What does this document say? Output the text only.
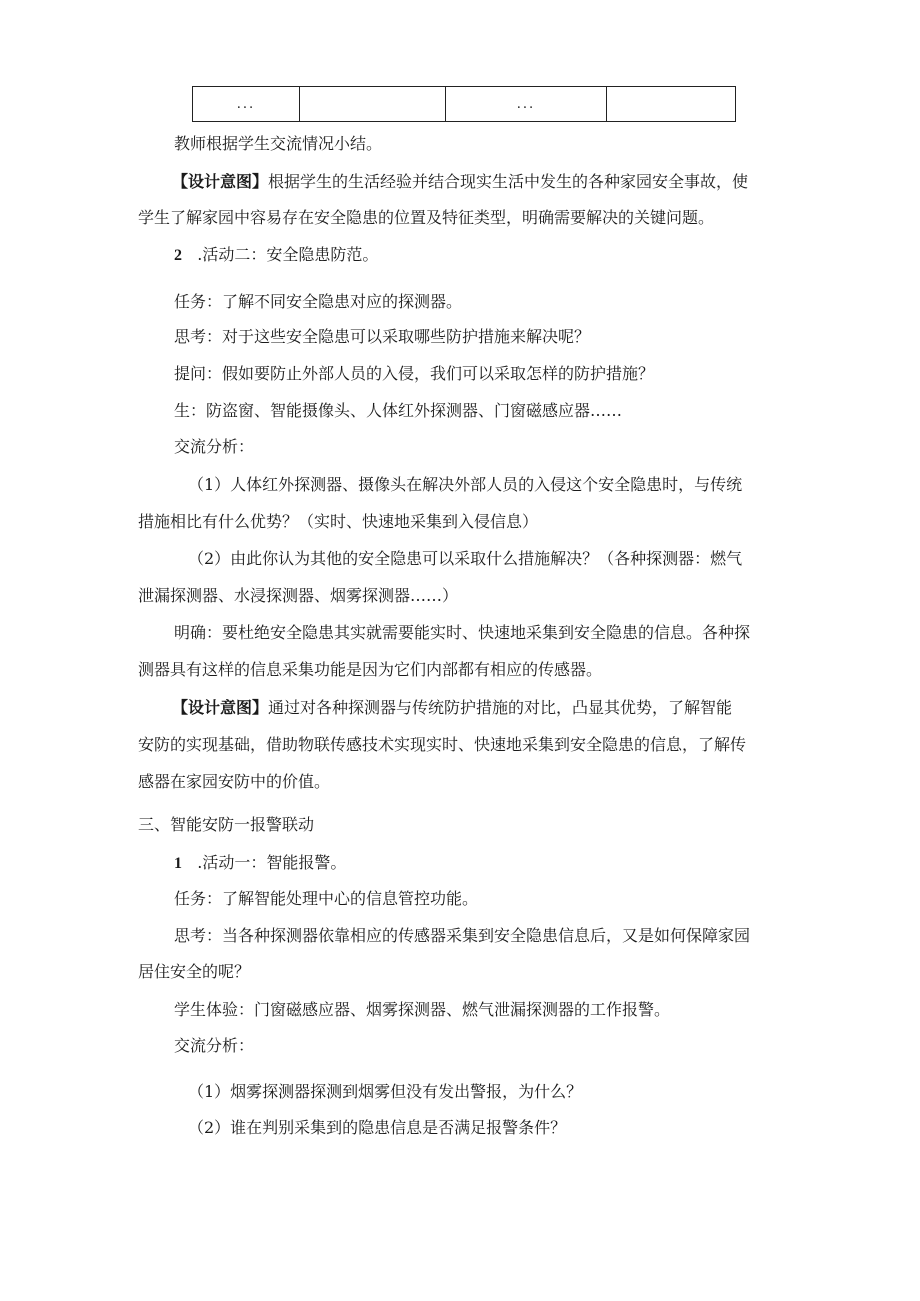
...		...	
教师根据学生交流情况小结。
【设计意图】根据学生的生活经验并结合现实生活中发生的各种家园安全事故，使
学生了解家园中容易存在安全隐患的位置及特征类型，明确需要解决的关键问题。
2 .活动二：安全隐患防范。
任务：了解不同安全隐患对应的探测器。
思考：对于这些安全隐患可以采取哪些防护措施来解决呢？
提问：假如要防止外部人员的入侵，我们可以采取怎样的防护措施？
生：防盗窗、智能摄像头、人体红外探测器、门窗磁感应器……
交流分析：
（1）人体红外探测器、摄像头在解决外部人员的入侵这个安全隐患时，与传统
措施相比有什么优势？（实时、快速地采集到入侵信息）
（2）由此你认为其他的安全隐患可以采取什么措施解决？（各种探测器：燃气
泄漏探测器、水浸探测器、烟雾探测器……）
明确：要杜绝安全隐患其实就需要能实时、快速地采集到安全隐患的信息。各种探
测器具有这样的信息采集功能是因为它们内部都有相应的传感器。
【设计意图】通过对各种探测器与传统防护措施的对比，凸显其优势，了解智能
安防的实现基础，借助物联传感技术实现实时、快速地采集到安全隐患的信息，了解传
感器在家园安防中的价值。
三、智能安防一报警联动
1 .活动一：智能报警。
任务：了解智能处理中心的信息管控功能。
思考：当各种探测器依靠相应的传感器采集到安全隐患信息后，又是如何保障家园
居住安全的呢？
学生体验：门窗磁感应器、烟雾探测器、燃气泄漏探测器的工作报警。
交流分析：
（1）烟雾探测器探测到烟雾但没有发出警报，为什么？
（2）谁在判别采集到的隐患信息是否满足报警条件？
